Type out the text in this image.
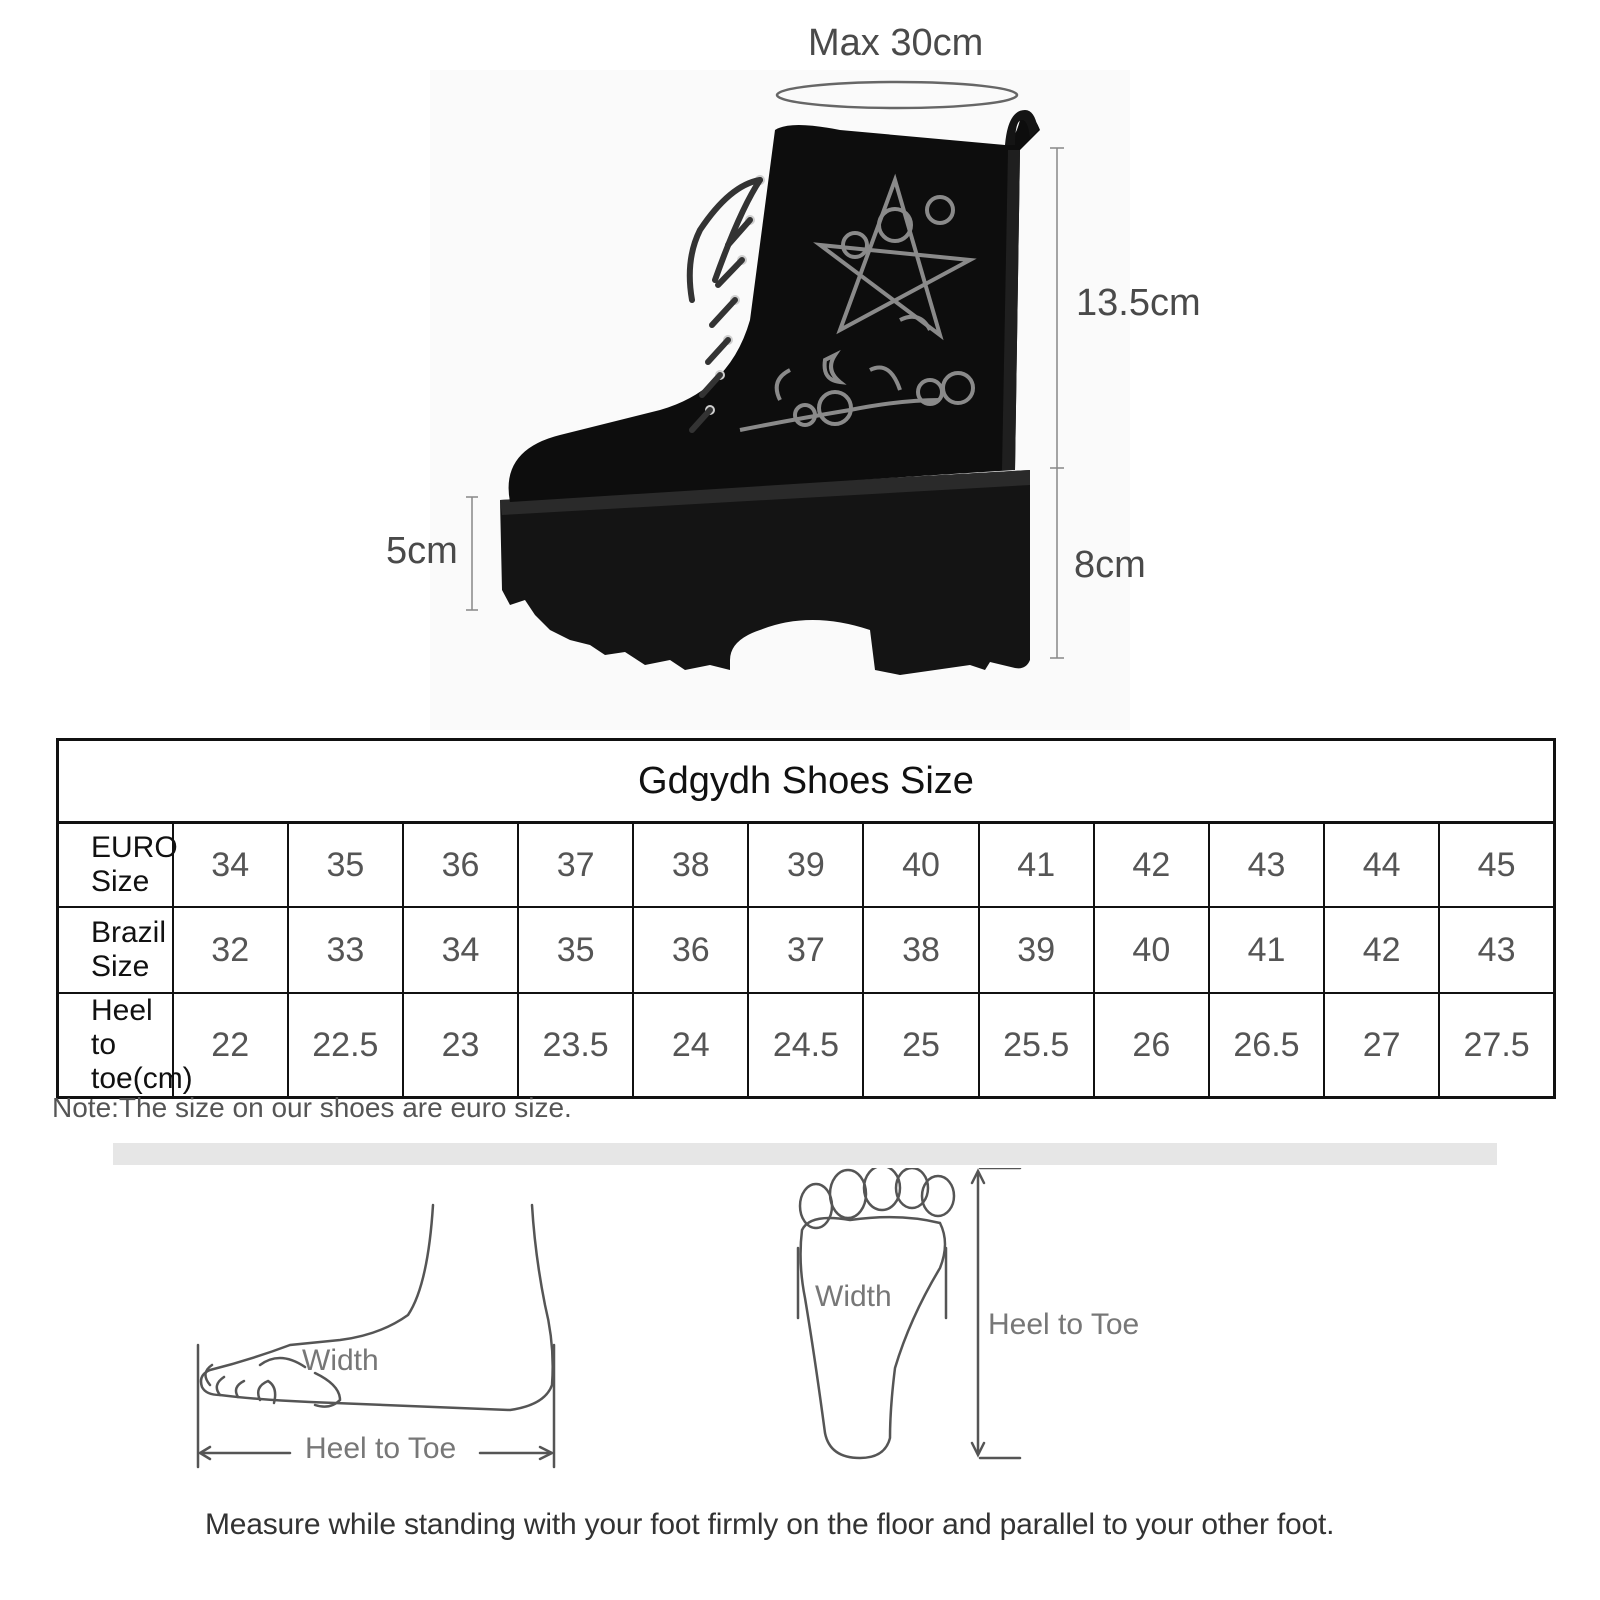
Max 30cm
13.5cm
8cm
5cm
Gdgydh Shoes Size												
EURO Size	34	35	36	37	38	39	40	41	42	43	44	45
Brazil Size	32	33	34	35	36	37	38	39	40	41	42	43
Heel to toe(cm)	22	22.5	23	23.5	24	24.5	25	25.5	26	26.5	27	27.5
Note:The size on our shoes are euro size.
Width
Heel to Toe
Width
Heel to Toe
Measure while standing with your foot firmly on the floor and parallel to your other foot.
